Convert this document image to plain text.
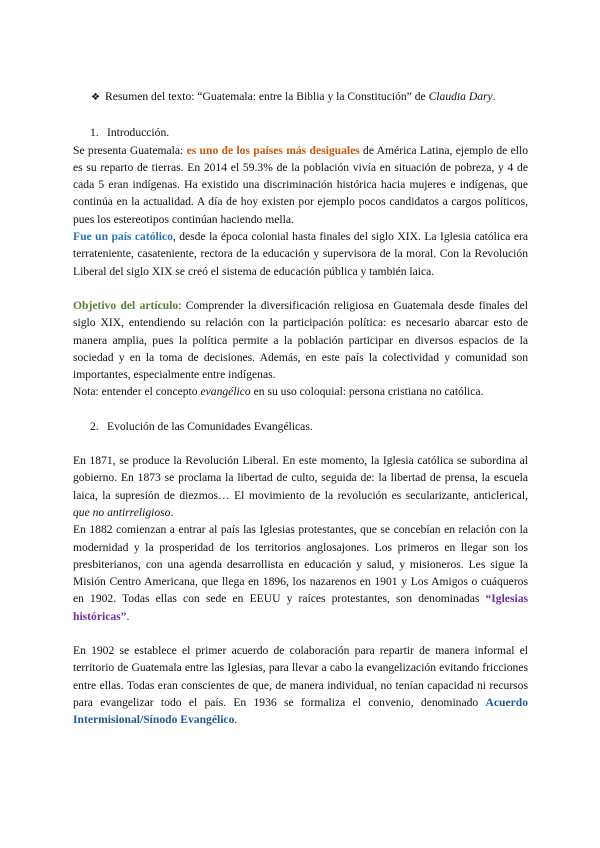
❖ Resumen del texto: “Guatemala: entre la Biblia y la Constitución” de Claudia Dary.
1. Introducción.

Se presenta Guatemala: es uno de los países más desiguales de América Latina, ejemplo de ello es su reparto de tierras. En 2014 el 59.3% de la población vivía en situación de pobreza, y 4 de cada 5 eran indígenas. Ha existido una discriminación histórica hacia mujeres e indígenas, que continúa en la actualidad. A día de hoy existen por ejemplo pocos candidatos a cargos políticos, pues los estereotipos continúan haciendo mella.

Fue un país católico, desde la época colonial hasta finales del siglo XIX. La Iglesia católica era terrateniente, casateniente, rectora de la educación y supervisora de la moral. Con la Revolución Liberal del siglo XIX se creó el sistema de educación pública y también laica.

Objetivo del artículo: Comprender la diversificación religiosa en Guatemala desde finales del siglo XIX, entendiendo su relación con la participación política: es necesario abarcar esto de manera amplia, pues la política permite a la población participar en diversos espacios de la sociedad y en la toma de decisiones. Además, en este país la colectividad y comunidad son importantes, especialmente entre indígenas.

Nota: entender el concepto evangélico en su uso coloquial: persona cristiana no católica.

2. Evolución de las Comunidades Evangélicas.

En 1871, se produce la Revolución Liberal. En este momento, la Iglesia católica se subordina al gobierno. En 1873 se proclama la libertad de culto, seguida de: la libertad de prensa, la escuela laica, la supresión de diezmos… El movimiento de la revolución es secularizante, anticlerical, que no antirreligioso.

En 1882 comienzan a entrar al país las Iglesias protestantes, que se concebían en relación con la modernidad y la prosperidad de los territorios anglosajones. Los primeros en llegar son los presbiterianos, con una agenda desarrollista en educación y salud, y misioneros. Les sigue la Misión Centro Americana, que llega en 1896, los nazarenos en 1901 y Los Amigos o cuáqueros en 1902. Todas ellas con sede en EEUU y raíces protestantes, son denominadas “Iglesias históricas”.

En 1902 se establece el primer acuerdo de colaboración para repartir de manera informal el territorio de Guatemala entre las Iglesias, para llevar a cabo la evangelización evitando fricciones entre ellas. Todas eran conscientes de que, de manera individual, no tenían capacidad ni recursos para evangelizar todo el país. En 1936 se formaliza el convenio, denominado Acuerdo Intermisional/Sínodo Evangélico.
